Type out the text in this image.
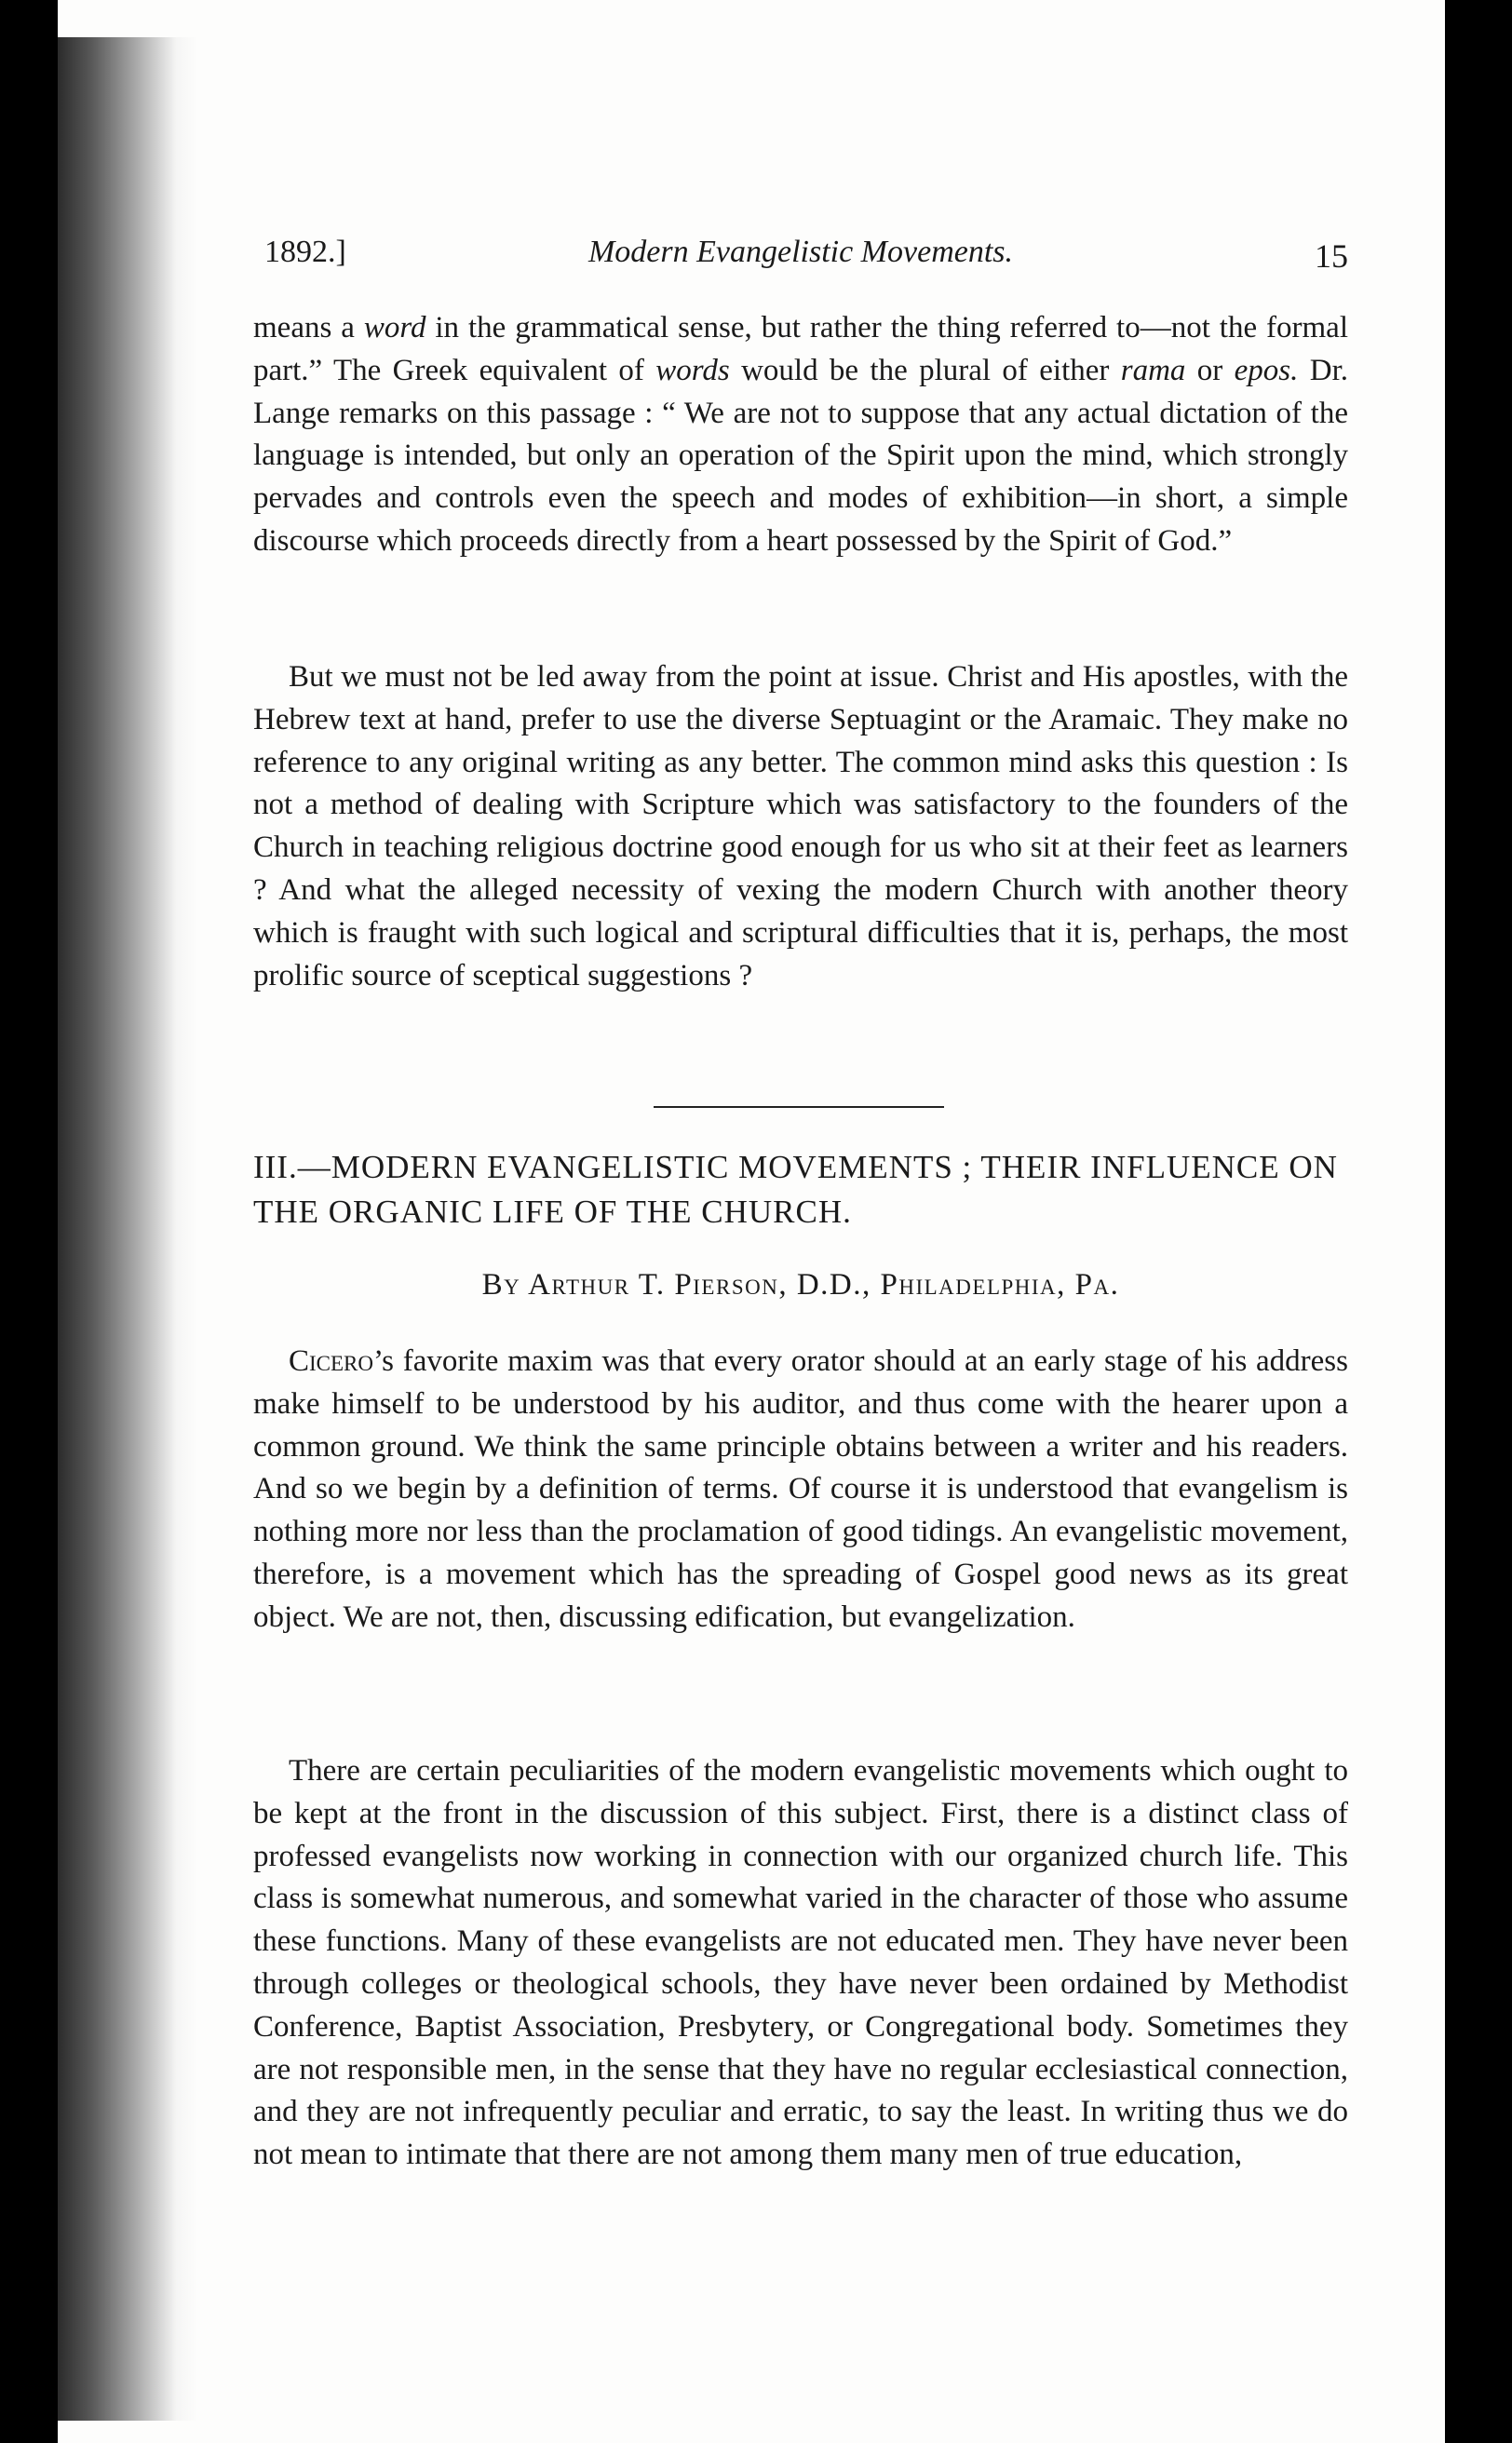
1892.]	Modern Evangelistic Movements.	15
means a word in the grammatical sense, but rather the thing referred to—not the formal part.” The Greek equivalent of words would be the plural of either rama or epos. Dr. Lange remarks on this passage : “ We are not to suppose that any actual dictation of the language is intended, but only an operation of the Spirit upon the mind, which strongly pervades and controls even the speech and modes of exhibition—in short, a simple discourse which proceeds directly from a heart possessed by the Spirit of God.”
But we must not be led away from the point at issue. Christ and His apostles, with the Hebrew text at hand, prefer to use the diverse Septuagint or the Aramaic. They make no reference to any original writing as any better. The common mind asks this question : Is not a method of dealing with Scripture which was satisfactory to the founders of the Church in teaching religious doctrine good enough for us who sit at their feet as learners ? And what the alleged necessity of vexing the modern Church with another theory which is fraught with such logical and scriptural difficulties that it is, perhaps, the most prolific source of sceptical suggestions ?
III.—MODERN EVANGELISTIC MOVEMENTS ; THEIR INFLUENCE ON THE ORGANIC LIFE OF THE CHURCH.
By Arthur T. Pierson, D.D., Philadelphia, Pa.
Cicero’s favorite maxim was that every orator should at an early stage of his address make himself to be understood by his auditor, and thus come with the hearer upon a common ground. We think the same principle obtains between a writer and his readers. And so we begin by a definition of terms. Of course it is understood that evangelism is nothing more nor less than the proclamation of good tidings. An evangelistic movement, therefore, is a movement which has the spreading of Gospel good news as its great object. We are not, then, discussing edification, but evangelization.
There are certain peculiarities of the modern evangelistic movements which ought to be kept at the front in the discussion of this subject. First, there is a distinct class of professed evangelists now working in connection with our organized church life. This class is somewhat numerous, and somewhat varied in the character of those who assume these functions. Many of these evangelists are not educated men. They have never been through colleges or theological schools, they have never been ordained by Methodist Conference, Baptist Association, Presbytery, or Congregational body. Sometimes they are not responsible men, in the sense that they have no regular ecclesiastical connection, and they are not infrequently peculiar and erratic, to say the least. In writing thus we do not mean to intimate that there are not among them many men of true education,
